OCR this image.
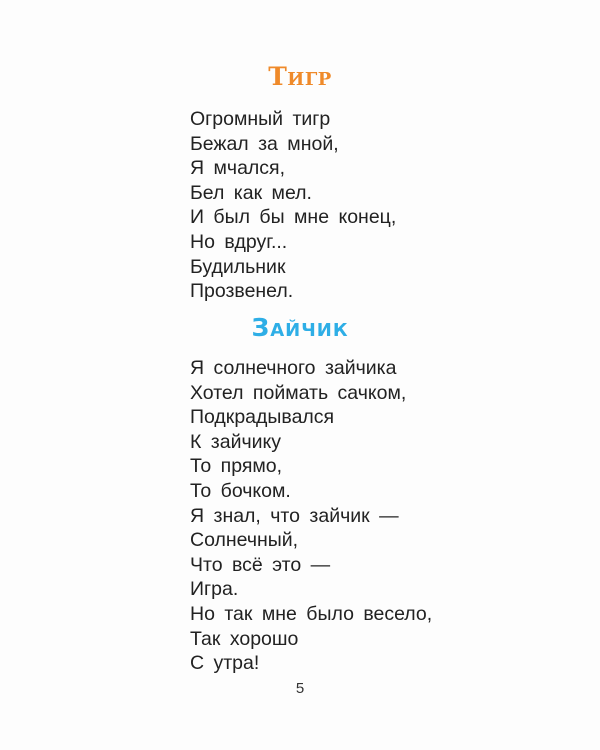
Тигр
Огромный тигр
Бежал за мной,
Я мчался,
Бел как мел.
И был бы мне конец,
Но вдруг...
Будильник
Прозвенел.
Зайчик
Я солнечного зайчика
Хотел поймать сачком,
Подкрадывался
К зайчику
То прямо,
То бочком.
Я знал, что зайчик —
Солнечный,
Что всё это —
Игра.
Но так мне было весело,
Так хорошо
С утра!
5
